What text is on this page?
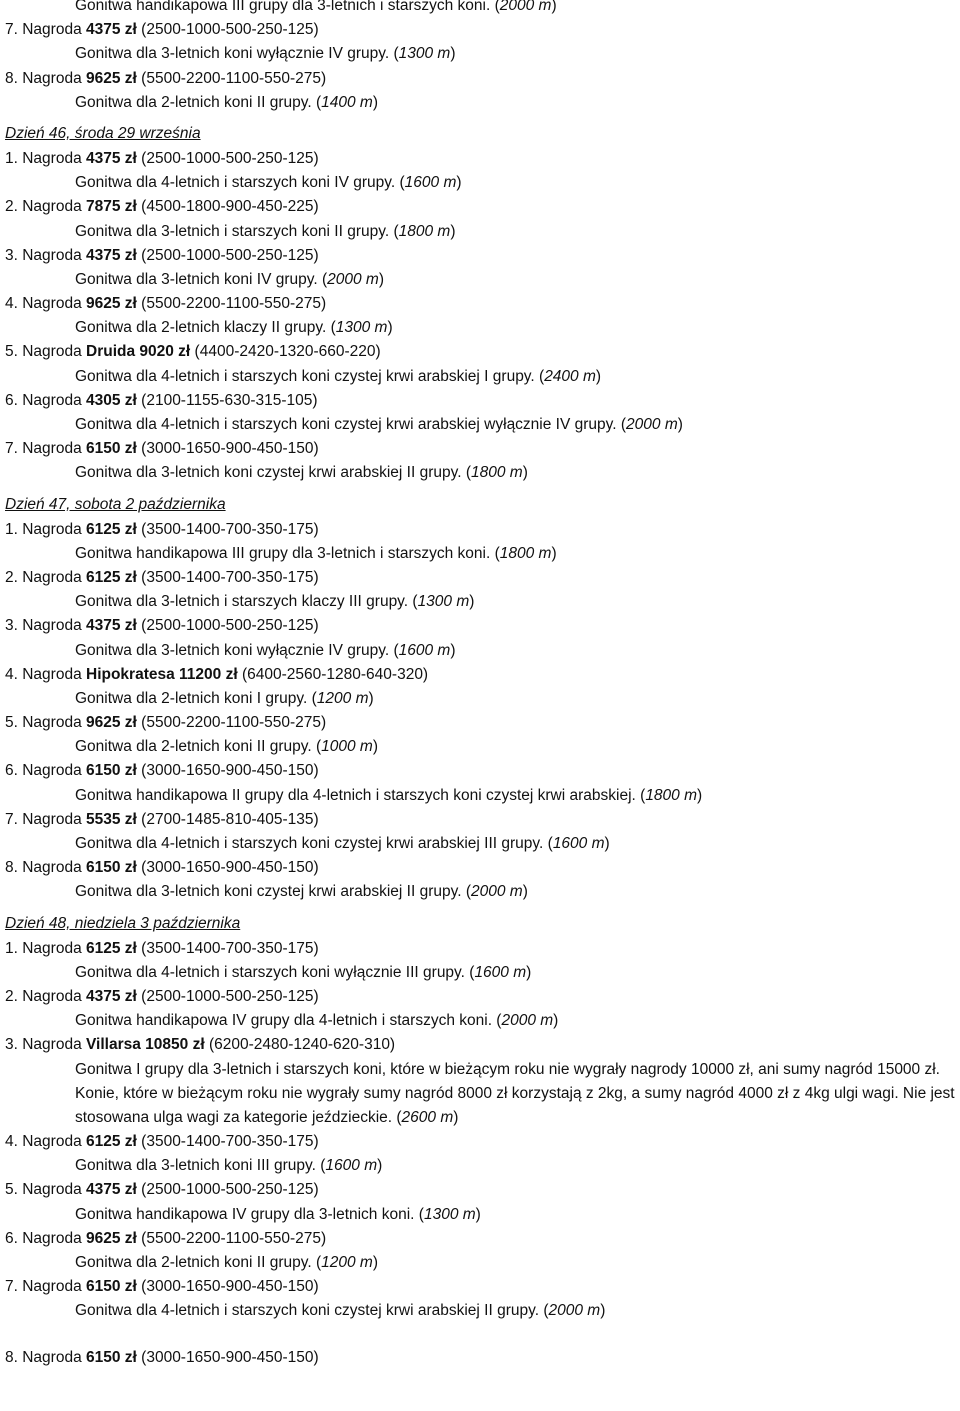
Gonitwa handikapowa III grupy dla 3-letnich i starszych koni. (2000 m)
7. Nagroda 4375 zł (2500-1000-500-250-125)
Gonitwa dla 3-letnich koni wyłącznie IV grupy. (1300 m)
8. Nagroda 9625 zł (5500-2200-1100-550-275)
Gonitwa dla 2-letnich koni II grupy. (1400 m)
Dzień 46, środa 29 września
1. Nagroda 4375 zł (2500-1000-500-250-125)
Gonitwa dla 4-letnich i starszych koni IV grupy. (1600 m)
2. Nagroda 7875 zł (4500-1800-900-450-225)
Gonitwa dla 3-letnich i starszych koni II grupy. (1800 m)
3. Nagroda 4375 zł (2500-1000-500-250-125)
Gonitwa dla 3-letnich koni IV grupy. (2000 m)
4. Nagroda 9625 zł (5500-2200-1100-550-275)
Gonitwa dla 2-letnich klaczy II grupy. (1300 m)
5. Nagroda Druida 9020 zł (4400-2420-1320-660-220)
Gonitwa dla 4-letnich i starszych koni czystej krwi arabskiej I grupy. (2400 m)
6. Nagroda 4305 zł (2100-1155-630-315-105)
Gonitwa dla 4-letnich i starszych koni czystej krwi arabskiej wyłącznie IV grupy. (2000 m)
7. Nagroda 6150 zł (3000-1650-900-450-150)
Gonitwa dla 3-letnich koni czystej krwi arabskiej II grupy. (1800 m)
Dzień 47, sobota 2 października
1. Nagroda 6125 zł (3500-1400-700-350-175)
Gonitwa handikapowa III grupy dla 3-letnich i starszych koni. (1800 m)
2. Nagroda 6125 zł (3500-1400-700-350-175)
Gonitwa dla 3-letnich i starszych klaczy III grupy. (1300 m)
3. Nagroda 4375 zł (2500-1000-500-250-125)
Gonitwa dla 3-letnich koni wyłącznie IV grupy. (1600 m)
4. Nagroda Hipokratesa 11200 zł (6400-2560-1280-640-320)
Gonitwa dla 2-letnich koni I grupy. (1200 m)
5. Nagroda 9625 zł (5500-2200-1100-550-275)
Gonitwa dla 2-letnich koni II grupy. (1000 m)
6. Nagroda 6150 zł (3000-1650-900-450-150)
Gonitwa handikapowa II grupy dla 4-letnich i starszych koni czystej krwi arabskiej. (1800 m)
7. Nagroda 5535 zł (2700-1485-810-405-135)
Gonitwa dla 4-letnich i starszych koni czystej krwi arabskiej III grupy. (1600 m)
8. Nagroda 6150 zł (3000-1650-900-450-150)
Gonitwa dla 3-letnich koni czystej krwi arabskiej II grupy. (2000 m)
Dzień 48, niedziela 3 października
1. Nagroda 6125 zł (3500-1400-700-350-175)
Gonitwa dla 4-letnich i starszych koni wyłącznie III grupy. (1600 m)
2. Nagroda 4375 zł (2500-1000-500-250-125)
Gonitwa handikapowa IV grupy dla 4-letnich i starszych koni. (2000 m)
3. Nagroda Villarsa 10850 zł (6200-2480-1240-620-310)
Gonitwa I grupy dla 3-letnich i starszych koni, które w bieżącym roku nie wygrały nagrody 10000 zł, ani sumy nagród 15000 zł. Konie, które w bieżącym roku nie wygrały sumy nagród 8000 zł korzystają z 2kg, a sumy nagród 4000 zł z 4kg ulgi wagi. Nie jest stosowana ulga wagi za kategorie jeździeckie. (2600 m)
4. Nagroda 6125 zł (3500-1400-700-350-175)
Gonitwa dla 3-letnich koni III grupy. (1600 m)
5. Nagroda 4375 zł (2500-1000-500-250-125)
Gonitwa handikapowa IV grupy dla 3-letnich koni. (1300 m)
6. Nagroda 9625 zł (5500-2200-1100-550-275)
Gonitwa dla 2-letnich koni II grupy. (1200 m)
7. Nagroda 6150 zł (3000-1650-900-450-150)
Gonitwa dla 4-letnich i starszych koni czystej krwi arabskiej II grupy. (2000 m)
8. Nagroda 6150 zł (3000-1650-900-450-150)
